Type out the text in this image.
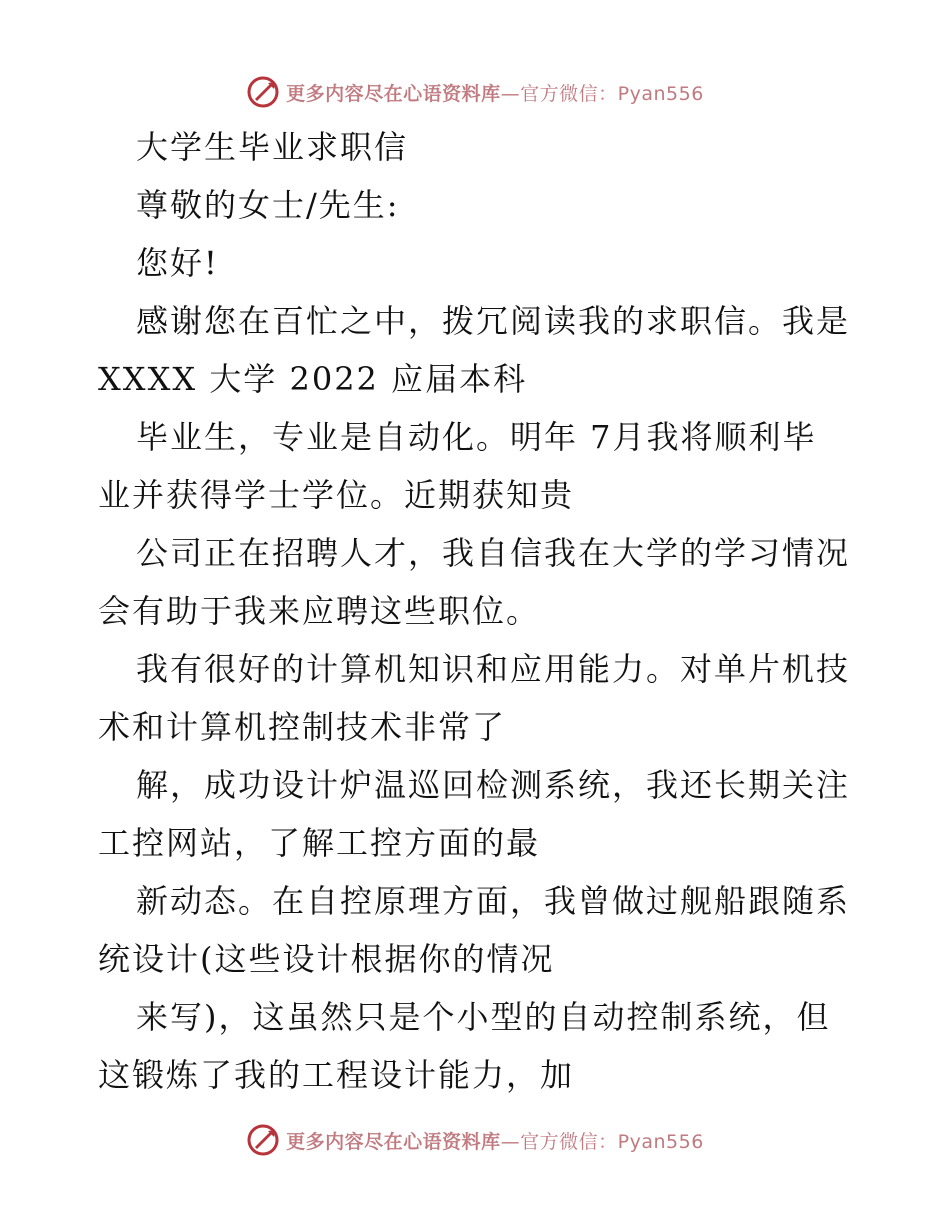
更多内容尽在心语资料库—官方微信：Pyan556
大学生毕业求职信
尊敬的女士/先生:
您好!
感谢您在百忙之中，拨冗阅读我的求职信。我是
XXXX 大学 2022 应届本科
毕业生，专业是自动化。明年 7月我将顺利毕
业并获得学士学位。近期获知贵
公司正在招聘人才，我自信我在大学的学习情况
会有助于我来应聘这些职位。
我有很好的计算机知识和应用能力。对单片机技
术和计算机控制技术非常了
解，成功设计炉温巡回检测系统，我还长期关注
工控网站，了解工控方面的最
新动态。在自控原理方面，我曾做过舰船跟随系
统设计(这些设计根据你的情况
来写)，这虽然只是个小型的自动控制系统，但
这锻炼了我的工程设计能力，加
更多内容尽在心语资料库—官方微信：Pyan556
